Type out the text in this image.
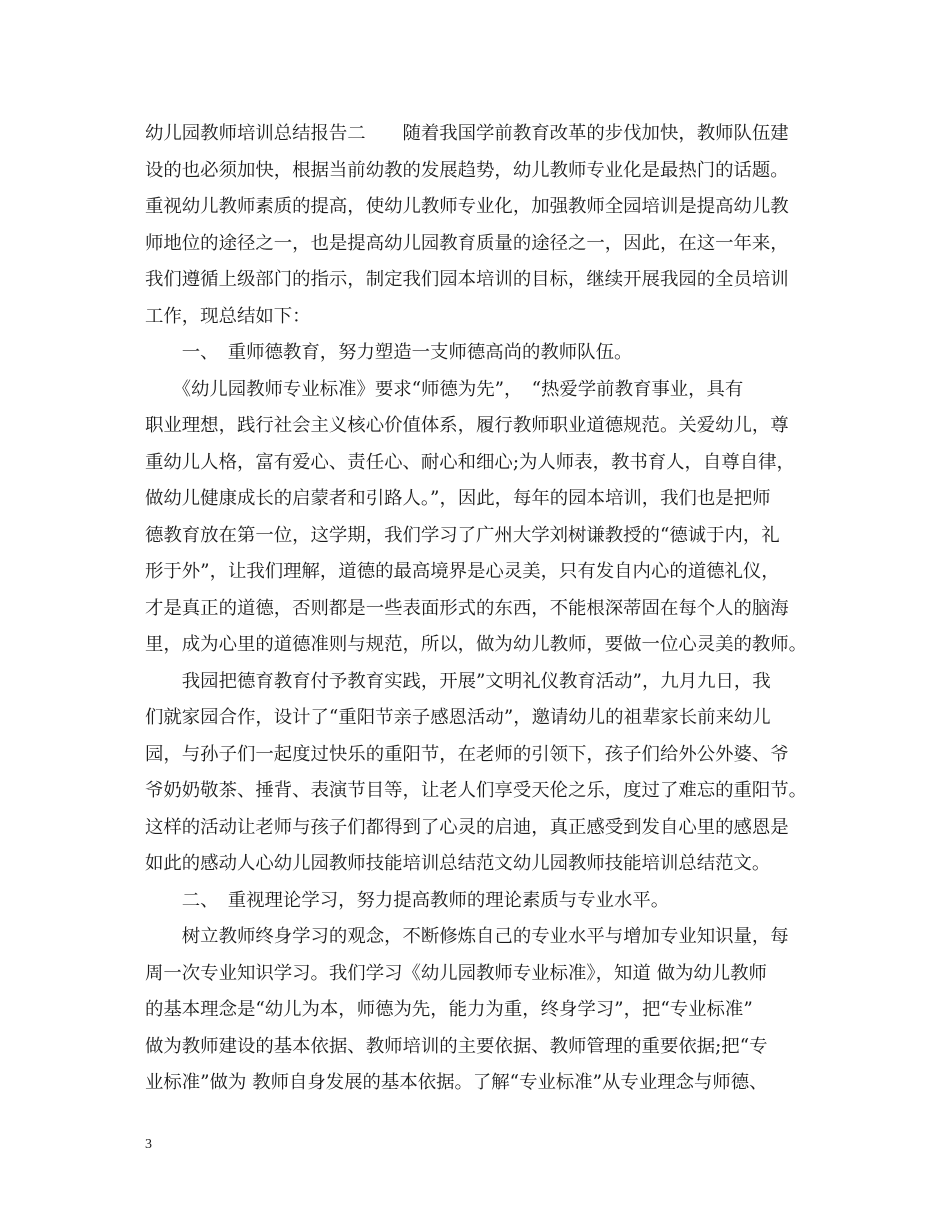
幼儿园教师培训总结报告二　　随着我国学前教育改革的步伐加快，教师队伍建
设的也必须加快，根据当前幼教的发展趋势，幼儿教师专业化是最热门的话题。
重视幼儿教师素质的提高，使幼儿教师专业化，加强教师全园培训是提高幼儿教
师地位的途径之一，也是提高幼儿园教育质量的途径之一，因此，在这一年来，
我们遵循上级部门的指示，制定我们园本培训的目标，继续开展我园的全员培训
工作，现总结如下：
　　一、　重师德教育，努力塑造一支师德高尚的教师队伍。
　　《幼儿园教师专业标准》要求“师德为先”，　“热爱学前教育事业，具有
职业理想，践行社会主义核心价值体系，履行教师职业道德规范。关爱幼儿，尊
重幼儿人格，富有爱心、责任心、耐心和细心;为人师表，教书育人，自尊自律，
做幼儿健康成长的启蒙者和引路人。”，因此，每年的园本培训，我们也是把师
德教育放在第一位，这学期，我们学习了广州大学刘树谦教授的“德诚于内，礼
形于外”，让我们理解，道德的最高境界是心灵美，只有发自内心的道德礼仪，
才是真正的道德，否则都是一些表面形式的东西，不能根深蒂固在每个人的脑海
里，成为心里的道德准则与规范，所以，做为幼儿教师，要做一位心灵美的教师。
　　我园把德育教育付予教育实践，开展”文明礼仪教育活动”，九月九日，我
们就家园合作，设计了“重阳节亲子感恩活动”，邀请幼儿的祖辈家长前来幼儿
园，与孙子们一起度过快乐的重阳节，在老师的引领下，孩子们给外公外婆、爷
爷奶奶敬茶、捶背、表演节目等，让老人们享受天伦之乐，度过了难忘的重阳节。
这样的活动让老师与孩子们都得到了心灵的启迪，真正感受到发自心里的感恩是
如此的感动人心幼儿园教师技能培训总结范文幼儿园教师技能培训总结范文。
　　二、　重视理论学习，努力提高教师的理论素质与专业水平。
　　树立教师终身学习的观念，不断修炼自己的专业水平与增加专业知识量，每
周一次专业知识学习。我们学习《幼儿园教师专业标准》，知道 做为幼儿教师
的基本理念是“幼儿为本，师德为先，能力为重，终身学习”，把“专业标准”
做为教师建设的基本依据、教师培训的主要依据、教师管理的重要依据;把“专
业标准”做为 教师自身发展的基本依据。了解“专业标准”从专业理念与师德、
3
